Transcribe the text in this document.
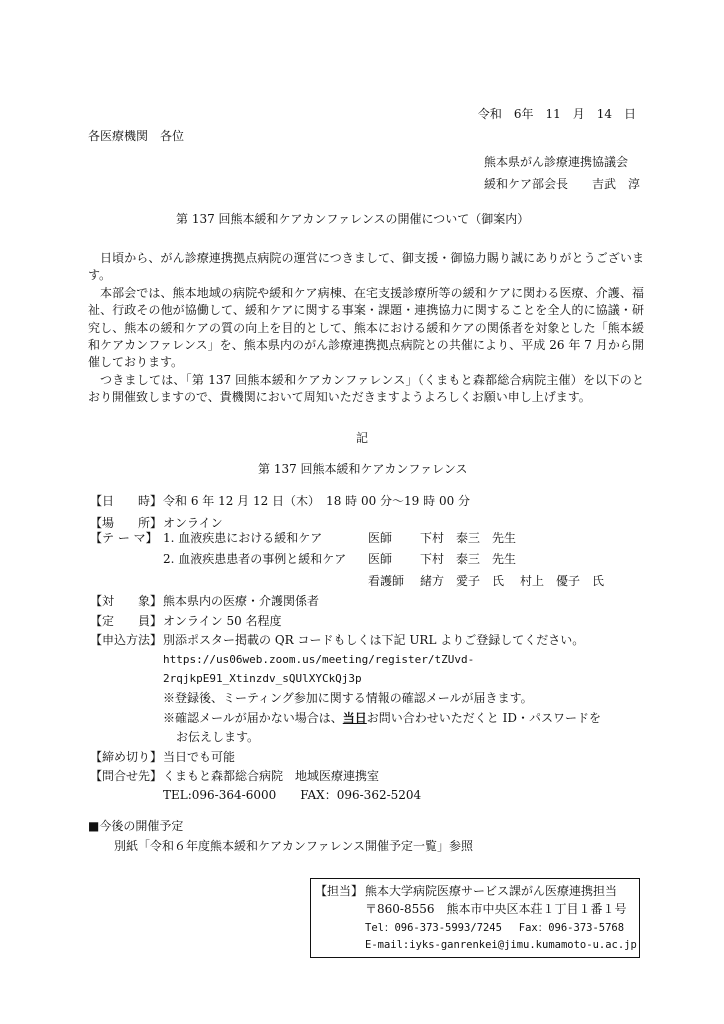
令和　6年　11　月　14　日
各医療機関　各位
熊本県がん診療連携協議会
緩和ケア部会長　　吉武　淳
第 137 回熊本緩和ケアカンファレンスの開催について（御案内）

日頃から、がん診療連携拠点病院の運営につきまして、御支援・御協力賜り誠にありがとうございます。

本部会では、熊本地域の病院や緩和ケア病棟、在宅支援診療所等の緩和ケアに関わる医療、介護、福祉、行政その他が協働して、緩和ケアに関する事案・課題・連携協力に関することを全人的に協議・研究し、熊本の緩和ケアの質の向上を目的として、熊本における緩和ケアの関係者を対象とした「熊本緩和ケアカンファレンス」を、熊本県内のがん診療連携拠点病院との共催により、平成 26 年 7 月から開催しております。

つきましては、「第 137 回熊本緩和ケアカンファレンス」（くまもと森都総合病院主催）を以下のとおり開催致しますので、貴機関において周知いただきますようよろしくお願い申し上げます。

記
第 137 回熊本緩和ケアカンファレンス
【日　　時】 令和 6 年 12 月 12 日（木）　18 時 00 分～19 時 00 分
【場　　所】 オンライン
【テ ー マ】 1. 血液疾患における緩和ケア	医師 下村　泰三　先生
2. 血液疾患患者の事例と緩和ケア 医師 下村　泰三　先生
看護師 緒方　愛子　氏 村上　優子　氏
【対　　象】 熊本県内の医療・介護関係者
【定　　員】 オンライン 50 名程度
【申込方法】 別添ポスター掲載の QR コードもしくは下記 URL よりご登録してください。
https://us06web.zoom.us/meeting/register/tZUvd-
2rqjkpE91_Xtinzdv_sQUlXYCkQj3p
※登録後、ミーティング参加に関する情報の確認メールが届きます。
※確認メールが届かない場合は、当日お問い合わせいただくと ID・パスワードを
お伝えします。
【締め切り】 当日でも可能
【問合せ先】 くまもと森都総合病院　地域医療連携室
TEL:096-364-6000　　FAX：096-362-5204
■今後の開催予定
別紙「令和６年度熊本緩和ケアカンファレンス開催予定一覧」参照
【担当】 熊本大学病院医療サービス課がん医療連携担当
〒860-8556　熊本市中央区本荘１丁目１番１号
Tel：096-373-5993/7245　 Fax：096-373-5768
E-mail:iyks-ganrenkei@jimu.kumamoto-u.ac.jp
